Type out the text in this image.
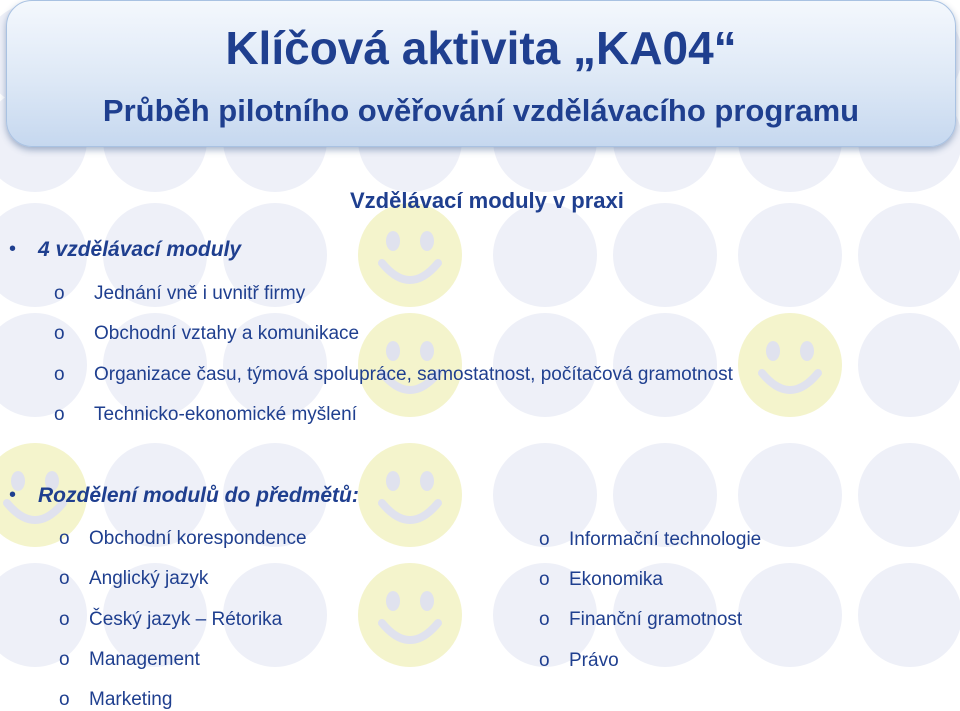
Klíčová aktivita „KA04“
Průběh pilotního ověřování vzdělávacího programu
Vzdělávací moduly v praxi
• 4 vzdělávací moduly
o Jednání vně i uvnitř firmy
o Obchodní vztahy a komunikace
o Organizace času, týmová spolupráce, samostatnost, počítačová gramotnost
o Technicko-ekonomické myšlení
• Rozdělení modulů do předmětů:
o Obchodní korespondence
o Anglický jazyk
o Český jazyk – Rétorika
o Management
o Marketing
o Informační technologie
o Ekonomika
o Finanční gramotnost
o Právo
